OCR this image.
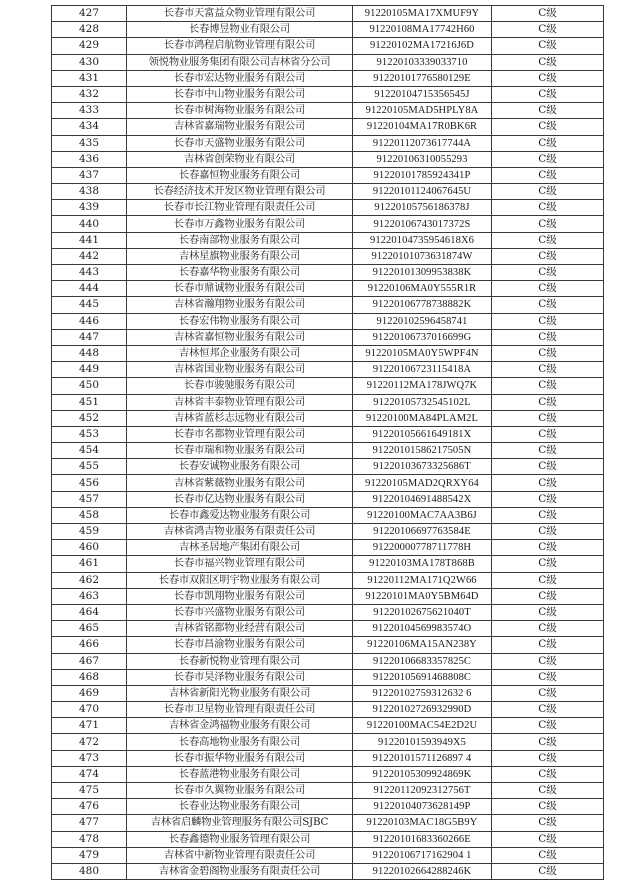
427	长春市天富益众物业管理有限公司	91220105MA17XMUF9Y	C级
428	长春博昱物业有限公司	91220108MA17742H60	C级
429	长春市鸿程启航物业管理有限公司	91220102MA17216J6D	C级
430	领悦物业服务集团有限公司吉林省分公司	91220103339033710	C级
431	长春市宏达物业服务有限公司	91220101776580129E	C级
432	长春市中山物业服务有限公司	91220104715356545J	C级
433	长春市树海物业服务有限公司	91220105MAD5HPLY8A	C级
434	吉林省嘉瑞物业服务有限公司	91220104MA17R0BK6R	C级
435	长春市天盛物业服务有限公司	91220112073617744A	C级
436	吉林省创荣物业有限公司	91220106310055293	C级
437	长春嘉恒物业服务有限公司	91220101785924341P	C级
438	长春经济技术开发区物业管理有限公司	91220101124067645U	C级
439	长春市长江物业管理有限责任公司	91220105756186378J	C级
440	长春市万鑫物业服务有限公司	91220106743017372S	C级
441	长春南部物业服务有限公司	91220104735954618X6	C级
442	吉林星旗物业服务有限公司	91220101073631874W	C级
443	长春嘉华物业服务有限公司	91220101309953838K	C级
444	长春市鼎诚物业服务有限公司	91220106MA0Y555R1R	C级
445	吉林省瀚翔物业服务有限公司	91220106778738882K	C级
446	长春宏伟物业服务有限公司	91220102596458741	C级
447	吉林省嘉恒物业服务有限公司	91220106737016699G	C级
448	吉林恒邦企业服务有限公司	91220105MA0Y5WPF4N	C级
449	吉林省国业物业服务有限公司	91220106723115418A	C级
450	长春市骏驰服务有限公司	91220112MA178JWQ7K	C级
451	吉林省丰泰物业管理有限公司	91220105732545102L	C级
452	吉林省蓝杉志远物业有限公司	91220100MA84PLAM2L	C级
453	长春市名都物业管理有限公司	91220105661649181X	C级
454	长春市瑞和物业服务有限公司	91220101586217505N	C级
455	长春安诚物业服务有限公司	91220103673325686T	C级
456	吉林省紫薇物业服务有限公司	91220105MAD2QRXY64	C级
457	长春市亿达物业服务有限公司	91220104691488542X	C级
458	长春市鑫爱达物业服务有限公司	91220100MAC7AA3B6J	C级
459	吉林省鸿吉物业服务有限责任公司	91220106697763584E	C级
460	吉林圣居地产集团有限公司	91220000778711778H	C级
461	长春市福兴物业管理有限公司	91220103MA178T868B	C级
462	长春市双阳区明宇物业服务有限公司	91220112MA171Q2W66	C级
463	长春市凯翔物业服务有限公司	91220101MA0Y5BM64D	C级
464	长春市兴盛物业服务有限公司	91220102675621040T	C级
465	吉林省铭都物业经营有限公司	91220104569983574O	C级
466	长春市昌渝物业服务有限公司	91220106MA15AN238Y	C级
467	长春新悦物业管理有限公司	91220106683357825C	C级
468	长春市昊泽物业服务有限公司	91220105691468808C	C级
469	吉林省新阳光物业服务有限公司	91220102759312632 6	C级
470	长春市卫星物业管理有限责任公司	91220102726932990D	C级
471	吉林省金鸿福物业服务有限公司	91220100MAC54E2D2U	C级
472	长春高地物业服务有限公司	91220101593949X5	C级
473	长春市振华物业服务有限公司	91220101571126897 4	C级
474	长春蓝港物业服务有限公司	91220105309924869K	C级
475	长春市久翼物业服务有限公司	91220112092312756T	C级
476	长春业达物业服务有限公司	91220104073628149P	C级
477	吉林省启麟物业管理服务有限公司SJBC	91220103MAC18G5B9Y	C级
478	长春鑫德物业服务管理有限公司	91220101683360266E	C级
479	吉林省中新物业管理有限责任公司	91220106717162904 1	C级
480	吉林省金碧阁物业服务有限责任公司	91220102664288246K	C级
